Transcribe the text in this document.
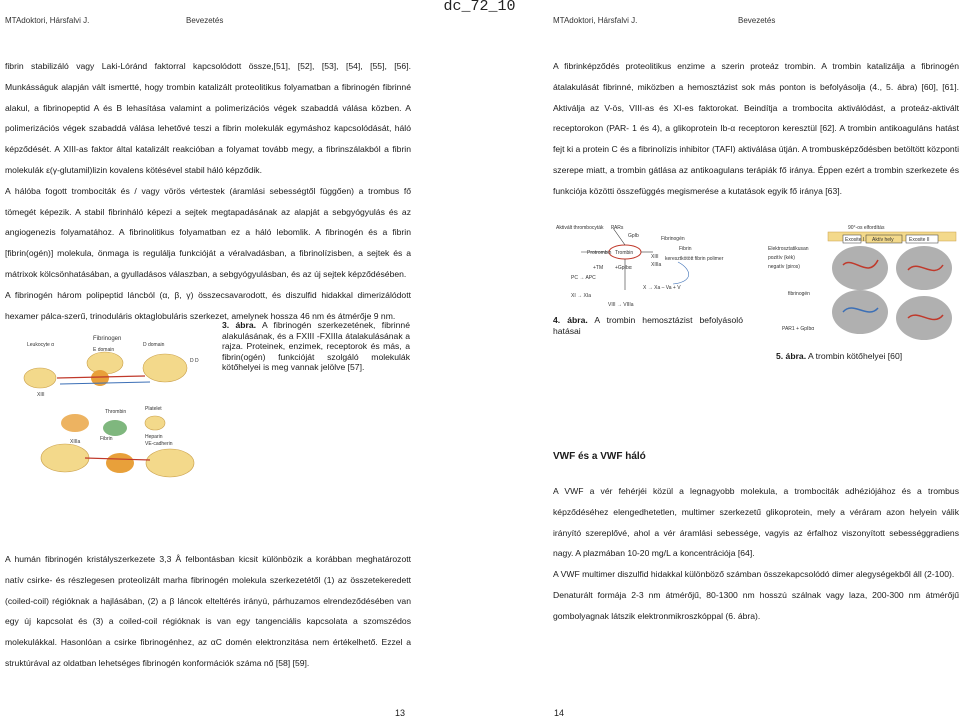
dc_72_10
MTAdoktori, Hársfalvi J.	Bevezetés	MTAdoktori, Hársfalvi J.	Bevezetés

fibrin stabilizáló vagy Laki-Lóránd faktorral kapcsolódott össze,[51], [52], [53], [54], [55], [56]. Munkásságuk alapján vált ismertté, hogy trombin katalizált proteolitikus folyamatban a fibrinogén fibrinné alakul, a fibrinopeptid A és B lehasítása valamint a polimerizációs végek szabaddá válása közben. A polimerizációs végek szabaddá válása lehetővé teszi a fibrin molekulák egymáshoz kapcsolódását, háló képződését. A XIII-as faktor által katalizált reakcióban a folyamat tovább megy, a fibrinszálakból a fibrin molekulák ε(γ-glutamil)lizin kovalens kötésével stabil háló képződik.

A hálóba fogott trombociták és / vagy vörös vértestek (áramlási sebességtől függően) a trombus fő tömegét képezik. A stabil fibrinháló képezi a sejtek megtapadásának az alapját a sebgyógyulás és az angiogenezis folyamatához. A fibrinolitikus folyamatban ez a háló lebomlik. A fibrinogén és a fibrin [fibrin(ogén)] molekula, önmaga is regulálja funkcióját a véralvadásban, a fibrinolízisben, a sejtek és a mátrixok kölcsönhatásában, a gyulladásos válaszban, a sebgyógyulásban, és az új sejtek képződésében.

A fibrinogén három polipeptid láncból (α, β, γ) összecsavarodott, és diszulfid hidakkal dimerizálódott hexamer pálca-szerű, trinoduláris oktaglobuláris szerkezet, amelynek hossza 46 nm és átmérője 9 nm.

Leukocyte α
Fibrinogen
E domain
D domain
D D
XIII
Thrombin	Platelet
Fibrin	Heparin
VE-cadherin
XIIIa
3. ábra. A fibrinogén szerkezetének, fibrinné alakulásának, és a FXIII -FXIIIa átalakulásának a rajza. Proteinek, enzimek, receptorok és más, a fibrin(ogén) funkcióját szolgáló molekulák kötőhelyei is meg vannak jelölve [57].

A humán fibrinogén kristályszerkezete 3,3 Å felbontásban kicsit különbözik a korábban meghatározott natív csirke- és részlegesen proteolizált marha fibrinogén molekula szerkezetétől (1) az összetekeredett (coiled-coil) régióknak a hajlásában, (2) a β láncok elteltérés irányú, párhuzamos elrendeződésében van egy új kapcsolat és (3) a coiled-coil régióknak is van egy tangenciális kapcsolata a szomszédos molekulákkal. Hasonlóan a csirke fibrinogénhez, az αC domén elektronzitása nem értékelhető. Ezzel a struktúrával az oldatban lehetséges fibrinogén konformációk száma nő [58] [59].

13

A fibrinképződés proteolitikus enzime a szerin proteáz trombin. A trombin katalizálja a fibrinogén átalakulását fibrinné, miközben a hemosztázist sok más ponton is befolyásolja (4., 5. ábra) [60], [61]. Aktiválja az V-ös, VIII-as és XI-es faktorokat. Beindítja a trombocita aktiválódást, a proteáz-aktivált receptorokon (PAR- 1 és 4), a glikoprotein Ib-α receptoron keresztül [62]. A trombin antikoaguláns hatást fejt ki a protein C és a fibrinolízis inhibitor (TAFI) aktiválása útján. A trombusképződésben betöltött központi szerepe miatt, a trombin gátlása az antikoagulans terápiák fő iránya. Éppen ezért a trombin szerkezete és funkciója közötti összefüggés megismerése a kutatások egyik fő iránya [63].

Aktivált thrombocyták PARs
GpIb
Protrombin Trombin
Fibrinogén
Fibrin
XIII
XIIIa
keresztkötött fibrin polimer
+TM +GpIbα
PC → APC
XI → XIa
X → Xa – Va + V
VIII → VIIIa
4. ábra. A trombin hemosztázist befolyásoló hatásai
90°-os elfordítás
Exosite I Aktív hely	Exosite II
Elektrosztatikusan
pozitív (kék)
negatív (piros)
fibrinogén
PAR1 + GpIbα
5. ábra. A trombin kötőhelyei [60]
VWF és a VWF háló

A VWF a vér fehérjéi közül a legnagyobb molekula, a trombociták adhéziójához és a trombus képződéséhez elengedhetetlen, multimer szerkezetű glikoprotein, mely a véráram azon helyein válik irányító szereplővé, ahol a vér áramlási sebessége, vagyis az érfalhoz viszonyított sebességgradiens nagy. A plazmában 10-20 mg/L a koncentrációja [64].

A VWF multimer diszulfid hidakkal különböző számban összekapcsolódó dimer alegységekből áll (2-100).

Denaturált formája 2-3 nm átmérőjű, 80-1300 nm hosszú szálnak vagy laza, 200-300 nm átmérőjű gombolyagnak látszik elektronmikroszkóppal (6. ábra).

14
